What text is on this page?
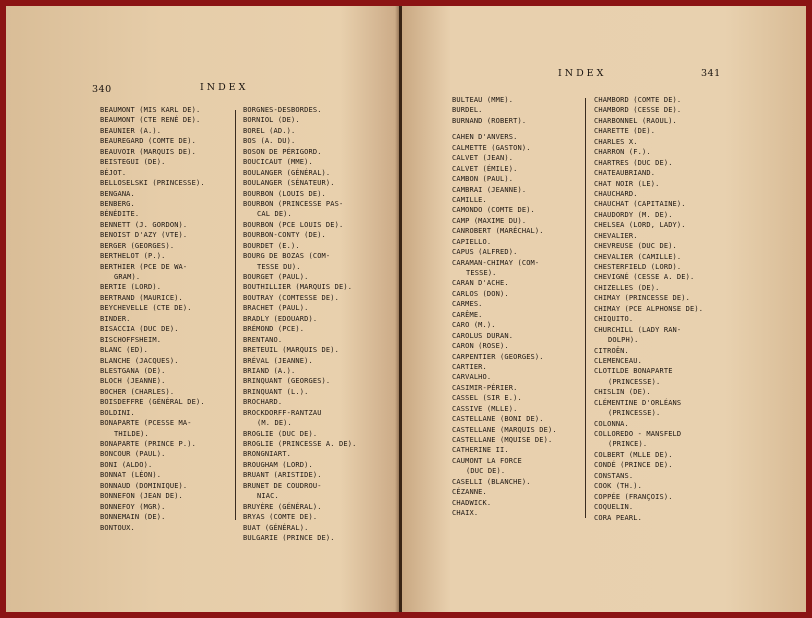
340	INDEX
BEAUMONT (MIS KARL DE).
BEAUMONT (CTE RENÉ DE).
BEAUNIER (A.).
BEAUREGARD (COMTE DE).
BEAUVOIR (MARQUIS DE).
BEISTEGUI (DE).
BÉJOT.
BELLOSELSKI (PRINCESSE).
BENGANA.
BENBERG.
BÉNÉDITE.
BENNETT (J. GORDON).
BENOIST D'AZY (VTE).
BERGER (GEORGES).
BERTHELOT (P.).
BERTHIER (PCE DE WA-
GRAM).
BERTIE (LORD).
BERTRAND (MAURICE).
BEYCHEVELLE (CTE DE).
BINDER.
BISACCIA (DUC DE).
BISCHOFFSHEIM.
BLANC (ED).
BLANCHE (JACQUES).
BLESTGANA (DE).
BLOCH (JEANNE).
BOCHER (CHARLES).
BOISDEFFRE (GÉNÉRAL DE).
BOLDINI.
BONAPARTE (PCESSE MA-
THILDE).
BONAPARTE (PRINCE P.).
BONCOUR (PAUL).
BONI (ALDO).
BONNAT (LÉON).
BONNAUD (DOMINIQUE).
BONNEFON (JEAN DE).
BONNEFOY (MGR).
BONNEMAIN (DE).
BONTOUX.
BORGNES-DESBORDES.
BORNIOL (DE).
BOREL (AD.).
BOS (A. DU).
BOSON DE PÉRIGORD.
BOUCICAUT (MME).
BOULANGER (GÉNÉRAL).
BOULANGER (SÉNATEUR).
BOURBON (LOUIS DE).
BOURBON (PRINCESSE PAS-
CAL DE).
BOURBON (PCE LOUIS DE).
BOURBON-CONTY (DE).
BOURDET (E.).
BOURG DE BOZAS (COM-
TESSE DU).
BOURGET (PAUL).
BOUTHILLIER (MARQUIS DE).
BOUTRAY (COMTESSE DE).
BRACHET (PAUL).
BRADLY (EDOUARD).
BRÉMOND (PCE).
BRENTANO.
BRETEUIL (MARQUIS DE).
BRÉVAL (JEANNE).
BRIAND (A.).
BRINQUANT (GEORGES).
BRINQUANT (L.).
BROCHARD.
BROCKDORFF-RANTZAU
(M. DE).
BROGLIE (DUC DE).
BROGLIE (PRINCESSE A. DE).
BRONGNIART.
BROUGHAM (LORD).
BRUANT (ARISTIDE).
BRUNET DE COUDROU-
NIAC.
BRUYÈRE (GÉNÉRAL).
BRYAS (COMTE DE).
BUAT (GÉNÉRAL).
BULGARIE (PRINCE DE).
INDEX	341
BULTEAU (MME).
BURDEL.
BURNAND (ROBERT).
CAHEN D'ANVERS.
CALMETTE (GASTON).
CALVET (JEAN).
CALVET (ÉMILE).
CAMBON (PAUL).
CAMBRAI (JEANNE).
CAMILLE.
CAMONDO (COMTE DE).
CAMP (MAXIME DU).
CANROBERT (MARÉCHAL).
CAPIELLO.
CAPUS (ALFRED).
CARAMAN-CHIMAY (COM-
TESSE).
CARAN D'ACHE.
CARLOS (DON).
CARMES.
CARÊME.
CARO (M.).
CAROLUS DURAN.
CARON (ROSE).
CARPENTIER (GEORGES).
CARTIER.
CARVALHO.
CASIMIR-PÉRIER.
CASSEL (SIR E.).
CASSIVE (MLLE).
CASTELLANE (BONI DE).
CASTELLANE (MARQUIS DE).
CASTELLANE (MQUISE DE).
CATHERINE II.
CAUMONT LA FORCE
(DUC DE).
CASELLI (BLANCHE).
CÉZANNE.
CHADWICK.
CHAIX.
CHAMBORD (COMTE DE).
CHAMBORD (CESSE DE).
CHARBONNEL (RAOUL).
CHARETTE (DE).
CHARLES X.
CHARRON (F.).
CHARTRES (DUC DE).
CHATEAUBRIAND.
CHAT NOIR (LE).
CHAUCHARD.
CHAUCHAT (CAPITAINE).
CHAUDORDY (M. DE).
CHELSEA (LORD, LADY).
CHEVALIER.
CHEVREUSE (DUC DE).
CHEVALIER (CAMILLE).
CHESTERFIELD (LORD).
CHEVIGNÉ (CESSE A. DE).
CHIZELLES (DE).
CHIMAY (PRINCESSE DE).
CHIMAY (PCE ALPHONSE DE).
CHIQUITO.
CHURCHILL (LADY RAN-
DOLPH).
CITROËN.
CLEMENCEAU.
CLOTILDE BONAPARTE
(PRINCESSE).
CHISLIN (DE).
CLÉMENTINE D'ORLÉANS
(PRINCESSE).
COLONNA.
COLLOREDO - MANSFELD
(PRINCE).
COLBERT (MLLE DE).
CONDÉ (PRINCE DE).
CONSTANS.
COOK (TH.).
COPPÉE (FRANÇOIS).
COQUELIN.
CORA PEARL.
